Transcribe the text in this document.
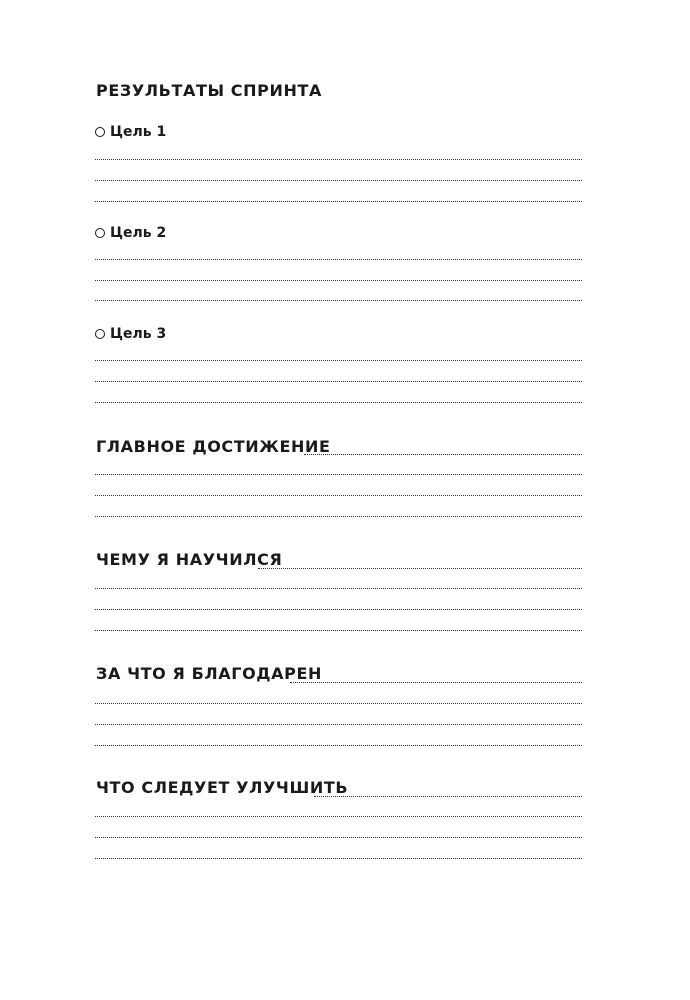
РЕЗУЛЬТАТЫ СПРИНТА
Цель 1
Цель 2
Цель 3
ГЛАВНОЕ ДОСТИЖЕНИЕ
ЧЕМУ Я НАУЧИЛСЯ
ЗА ЧТО Я БЛАГОДАРЕН
ЧТО СЛЕДУЕТ УЛУЧШИТЬ
